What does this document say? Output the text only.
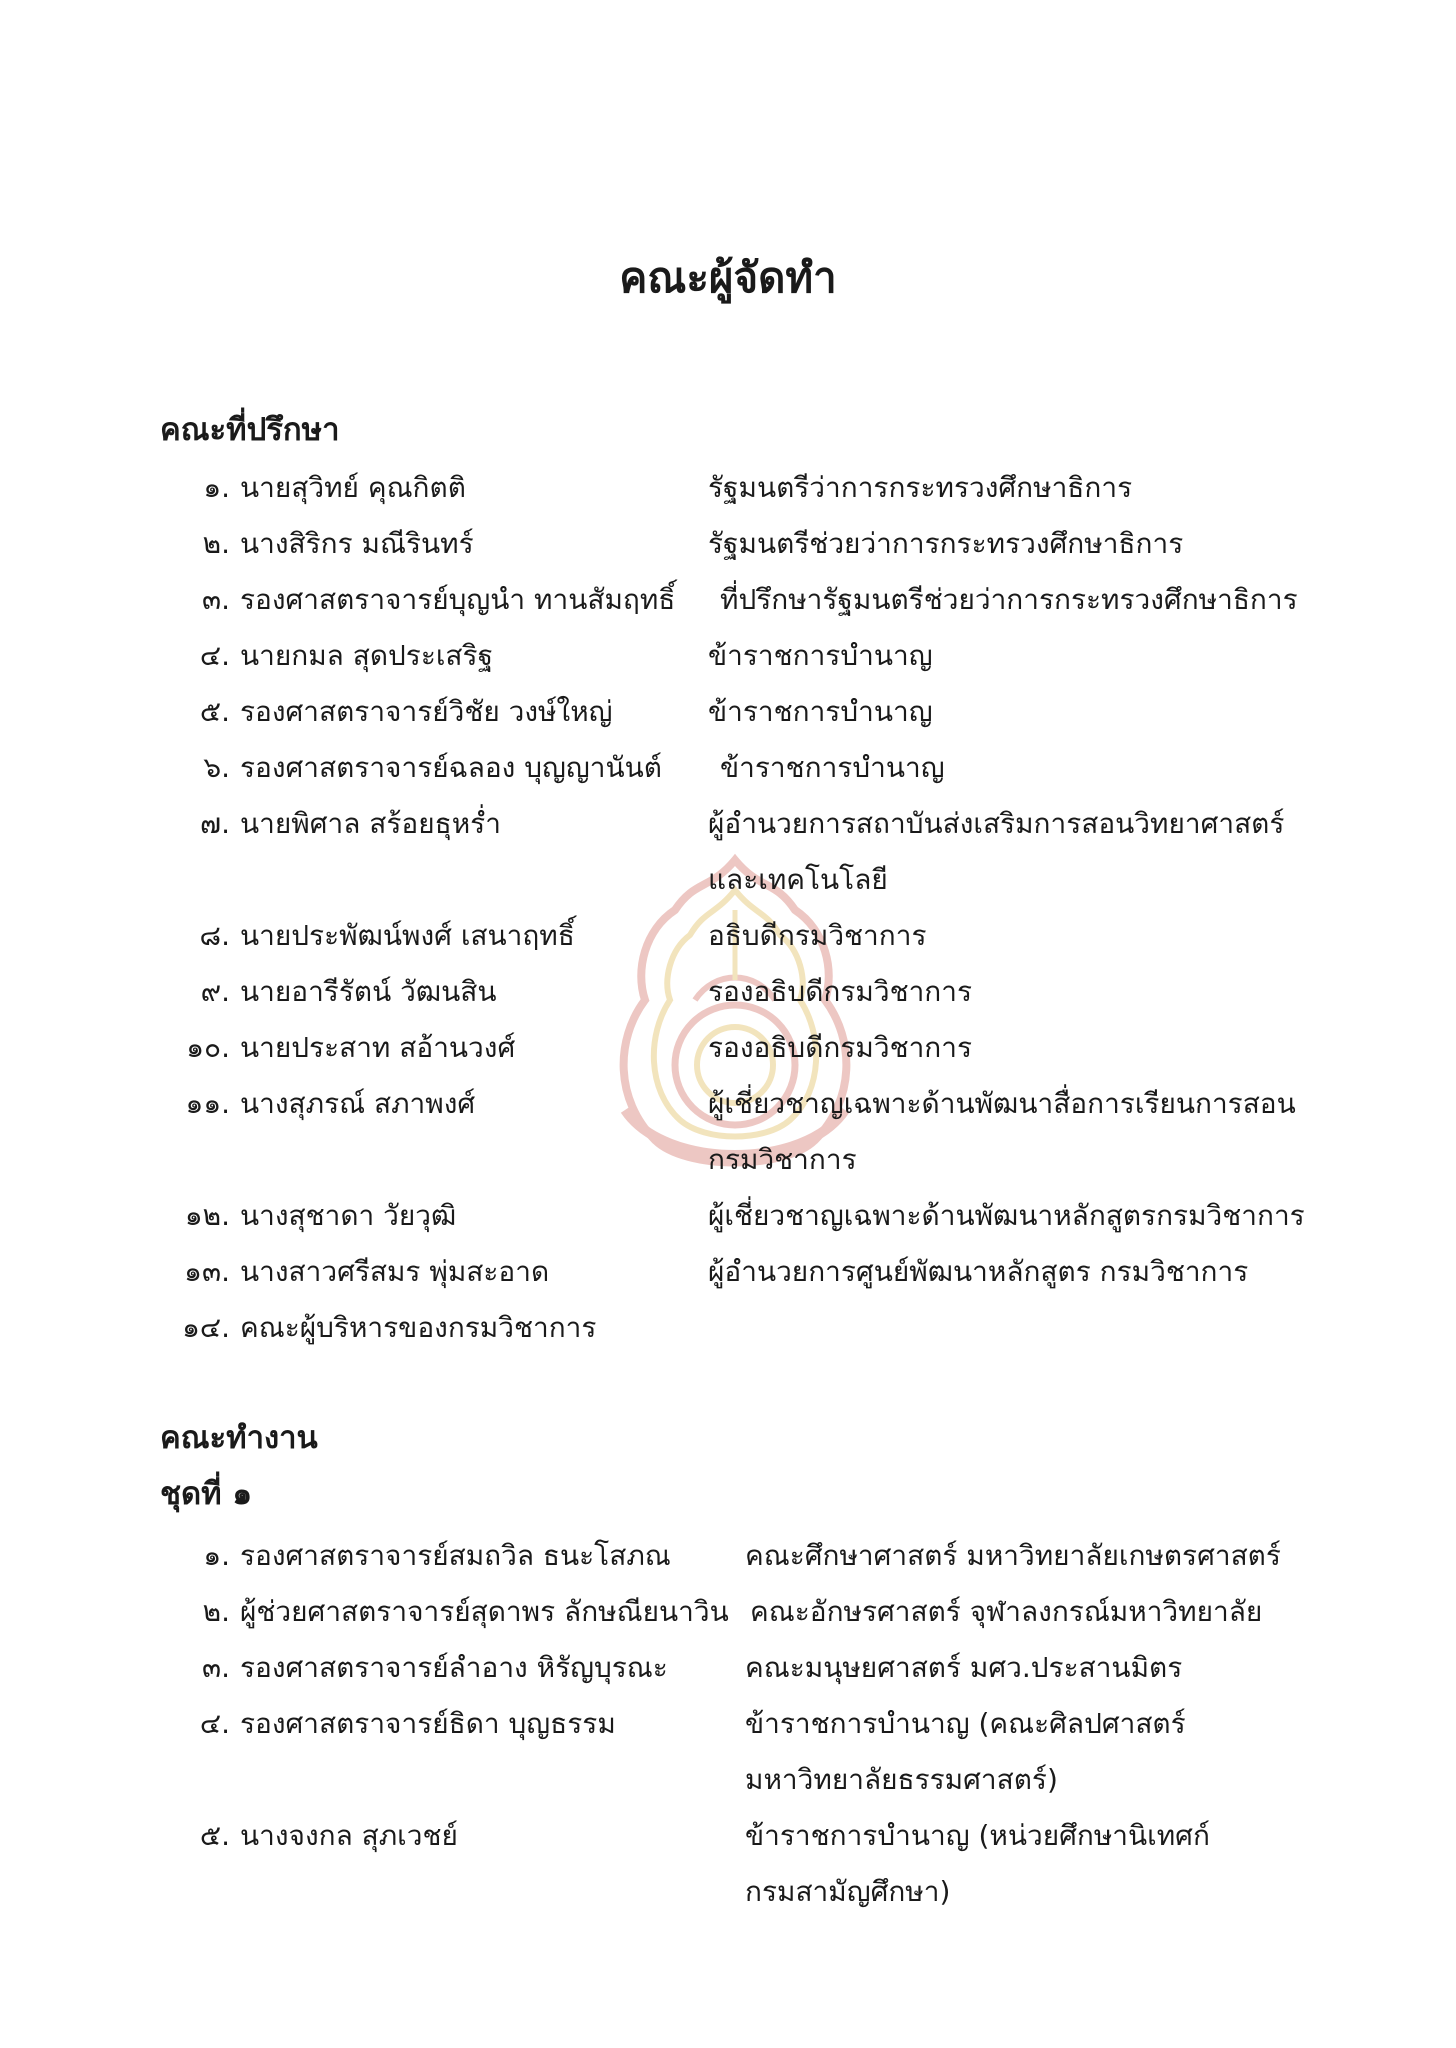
คณะผู้จัดทำ
คณะที่ปรึกษา
๑. นายสุวิทย์ คุณกิตติ	รัฐมนตรีว่าการกระทรวงศึกษาธิการ
๒. นางสิริกร มณีรินทร์	รัฐมนตรีช่วยว่าการกระทรวงศึกษาธิการ
๓. รองศาสตราจารย์บุญนำ ทานสัมฤทธิ์ ที่ปรึกษารัฐมนตรีช่วยว่าการกระทรวงศึกษาธิการ
๔. นายกมล สุดประเสริฐ	ข้าราชการบำนาญ
๕. รองศาสตราจารย์วิชัย วงษ์ใหญ่	ข้าราชการบำนาญ
๖. รองศาสตราจารย์ฉลอง บุญญานันต์ ข้าราชการบำนาญ
๗. นายพิศาล สร้อยธุหร่ำ	ผู้อำนวยการสถาบันส่งเสริมการสอนวิทยาศาสตร์
และเทคโนโลยี
๘. นายประพัฒน์พงศ์ เสนาฤทธิ์	อธิบดีกรมวิชาการ
๙. นายอารีรัตน์ วัฒนสิน	รองอธิบดีกรมวิชาการ
๑๐. นายประสาท สอ้านวงศ์	รองอธิบดีกรมวิชาการ
๑๑. นางสุภรณ์ สภาพงศ์	ผู้เชี่ยวชาญเฉพาะด้านพัฒนาสื่อการเรียนการสอน
กรมวิชาการ
๑๒. นางสุชาดา วัยวุฒิ	ผู้เชี่ยวชาญเฉพาะด้านพัฒนาหลักสูตรกรมวิชาการ
๑๓. นางสาวศรีสมร พุ่มสะอาด	ผู้อำนวยการศูนย์พัฒนาหลักสูตร กรมวิชาการ
๑๔. คณะผู้บริหารของกรมวิชาการ
คณะทำงาน
ชุดที่ ๑
๑. รองศาสตราจารย์สมถวิล ธนะโสภณ	คณะศึกษาศาสตร์ มหาวิทยาลัยเกษตรศาสตร์
๒. ผู้ช่วยศาสตราจารย์สุดาพร ลักษณียนาวิน คณะอักษรศาสตร์ จุฬาลงกรณ์มหาวิทยาลัย
๓. รองศาสตราจารย์ลำอาง หิรัญบุรณะ	คณะมนุษยศาสตร์ มศว.ประสานมิตร
๔. รองศาสตราจารย์ธิดา บุญธรรม	ข้าราชการบำนาญ (คณะศิลปศาสตร์
มหาวิทยาลัยธรรมศาสตร์)
๕. นางจงกล สุภเวชย์	ข้าราชการบำนาญ (หน่วยศึกษานิเทศก์
กรมสามัญศึกษา)
